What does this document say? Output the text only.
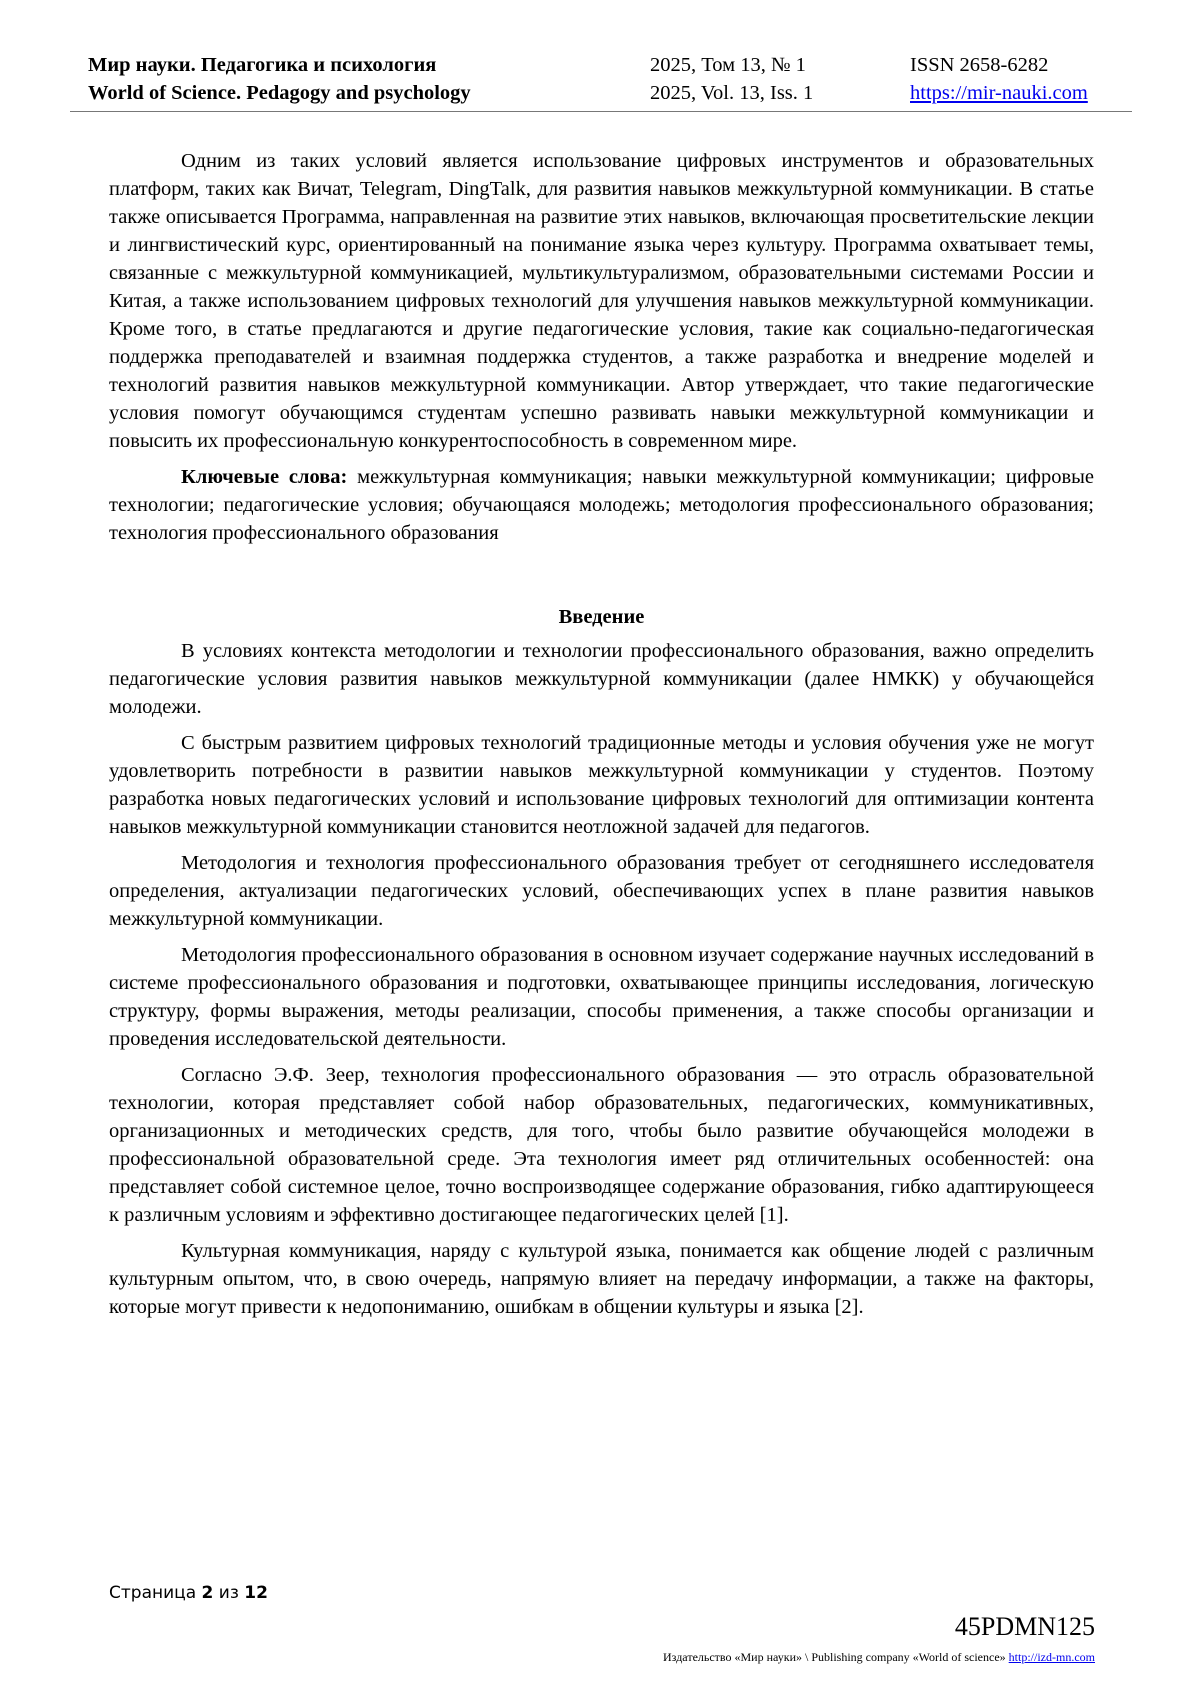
Мир науки. Педагогика и психология
World of Science. Pedagogy and psychology
2025, Том 13, № 1
2025, Vol. 13, Iss. 1
ISSN 2658-6282
https://mir-nauki.com

Одним из таких условий является использование цифровых инструментов и образовательных платформ, таких как Вичат, Telegram, DingTalk, для развития навыков межкультурной коммуникации. В статье также описывается Программа, направленная на развитие этих навыков, включающая просветительские лекции и лингвистический курс, ориентированный на понимание языка через культуру. Программа охватывает темы, связанные с межкультурной коммуникацией, мультикультурализмом, образовательными системами России и Китая, а также использованием цифровых технологий для улучшения навыков межкультурной коммуникации. Кроме того, в статье предлагаются и другие педагогические условия, такие как социально-педагогическая поддержка преподавателей и взаимная поддержка студентов, а также разработка и внедрение моделей и технологий развития навыков межкультурной коммуникации. Автор утверждает, что такие педагогические условия помогут обучающимся студентам успешно развивать навыки межкультурной коммуникации и повысить их профессиональную конкурентоспособность в современном мире.

Ключевые слова: межкультурная коммуникация; навыки межкультурной коммуникации; цифровые технологии; педагогические условия; обучающаяся молодежь; методология профессионального образования; технология профессионального образования

Введение

В условиях контекста методологии и технологии профессионального образования, важно определить педагогические условия развития навыков межкультурной коммуникации (далее НМКК) у обучающейся молодежи.

С быстрым развитием цифровых технологий традиционные методы и условия обучения уже не могут удовлетворить потребности в развитии навыков межкультурной коммуникации у студентов. Поэтому разработка новых педагогических условий и использование цифровых технологий для оптимизации контента навыков межкультурной коммуникации становится неотложной задачей для педагогов.

Методология и технология профессионального образования требует от сегодняшнего исследователя определения, актуализации педагогических условий, обеспечивающих успех в плане развития навыков межкультурной коммуникации.

Методология профессионального образования в основном изучает содержание научных исследований в системе профессионального образования и подготовки, охватывающее принципы исследования, логическую структуру, формы выражения, методы реализации, способы применения, а также способы организации и проведения исследовательской деятельности.

Согласно Э.Ф. Зеер, технология профессионального образования — это отрасль образовательной технологии, которая представляет собой набор образовательных, педагогических, коммуникативных, организационных и методических средств, для того, чтобы было развитие обучающейся молодежи в профессиональной образовательной среде. Эта технология имеет ряд отличительных особенностей: она представляет собой системное целое, точно воспроизводящее содержание образования, гибко адаптирующееся к различным условиям и эффективно достигающее педагогических целей [1].

Культурная коммуникация, наряду с культурой языка, понимается как общение людей с различным культурным опытом, что, в свою очередь, напрямую влияет на передачу информации, а также на факторы, которые могут привести к недопониманию, ошибкам в общении культуры и языка [2].

Страница 2 из 12
45PDMN125
Издательство «Мир науки» \ Publishing company «World of science» http://izd-mn.com
